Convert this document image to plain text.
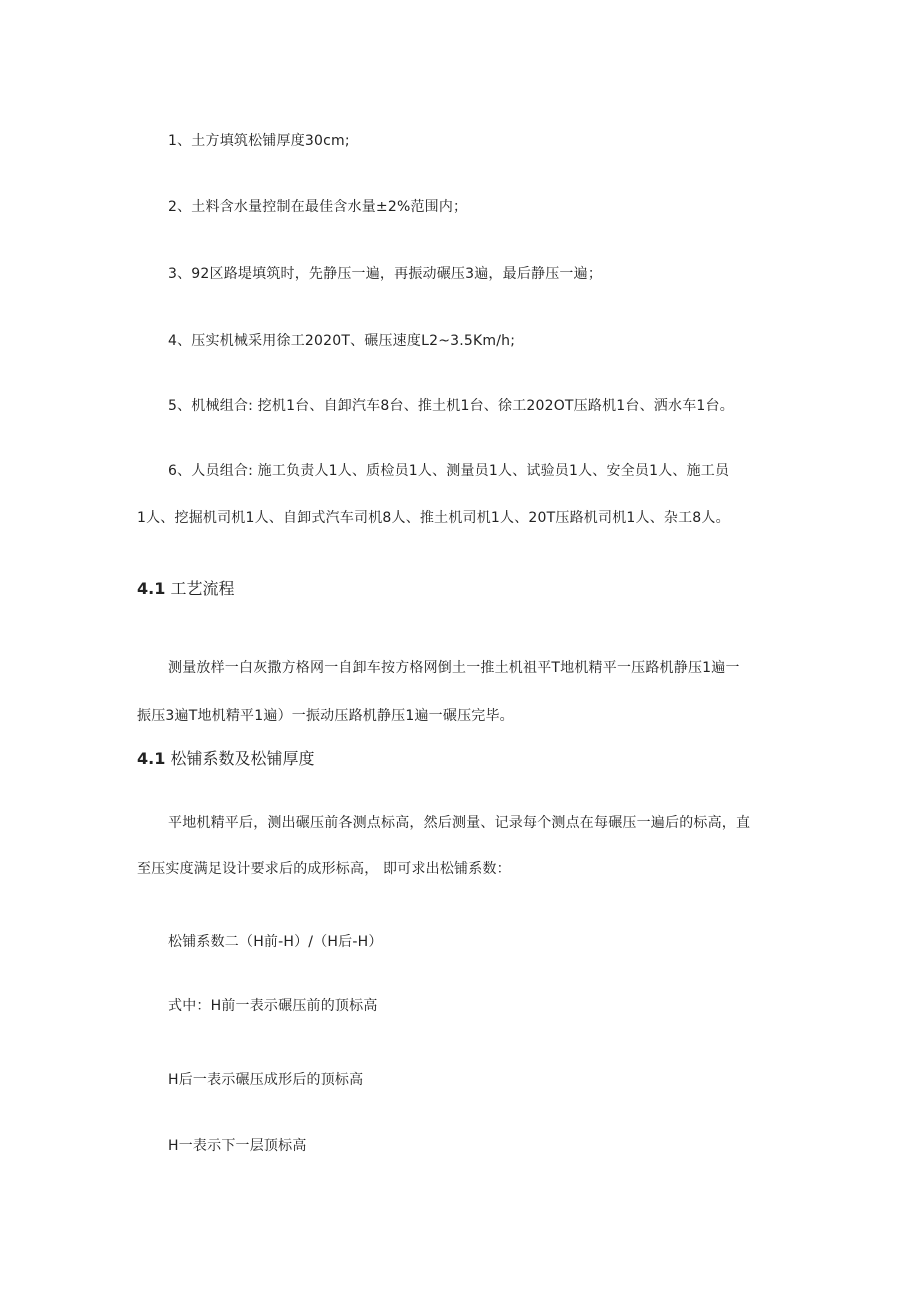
1、土方填筑松铺厚度30cm;
2、土料含水量控制在最佳含水量±2%范围内；
3、92区路堤填筑时，先静压一遍，再振动碾压3遍，最后静压一遍；
4、压实机械采用徐工2020T、碾压速度L2~3.5Km∕h;
5、机械组合: 挖机1台、自卸汽车8台、推土机1台、徐工202OT压路机1台、洒水车1台。
6、人员组合: 施工负责人1人、质检员1人、测量员1人、试验员1人、安全员1人、施工员
1人、挖掘机司机1人、自卸式汽车司机8人、推土机司机1人、20T压路机司机1人、杂工8人。
4.1 工艺流程
测量放样一白灰撒方格网一自卸车按方格网倒土一推土机祖平T地机精平一压路机静压1遍一
振压3遍T地机精平1遍）一振动压路机静压1遍一碾压完毕。
4.1 松铺系数及松铺厚度
平地机精平后，测出碾压前各测点标高，然后测量、记录每个测点在每碾压一遍后的标高，直
至压实度满足设计要求后的成形标高， 即可求出松铺系数：
松铺系数二（H前-H）/（H后-H）
式中：H前一表示碾压前的顶标高
H后一表示碾压成形后的顶标高
H一表示下一层顶标高
